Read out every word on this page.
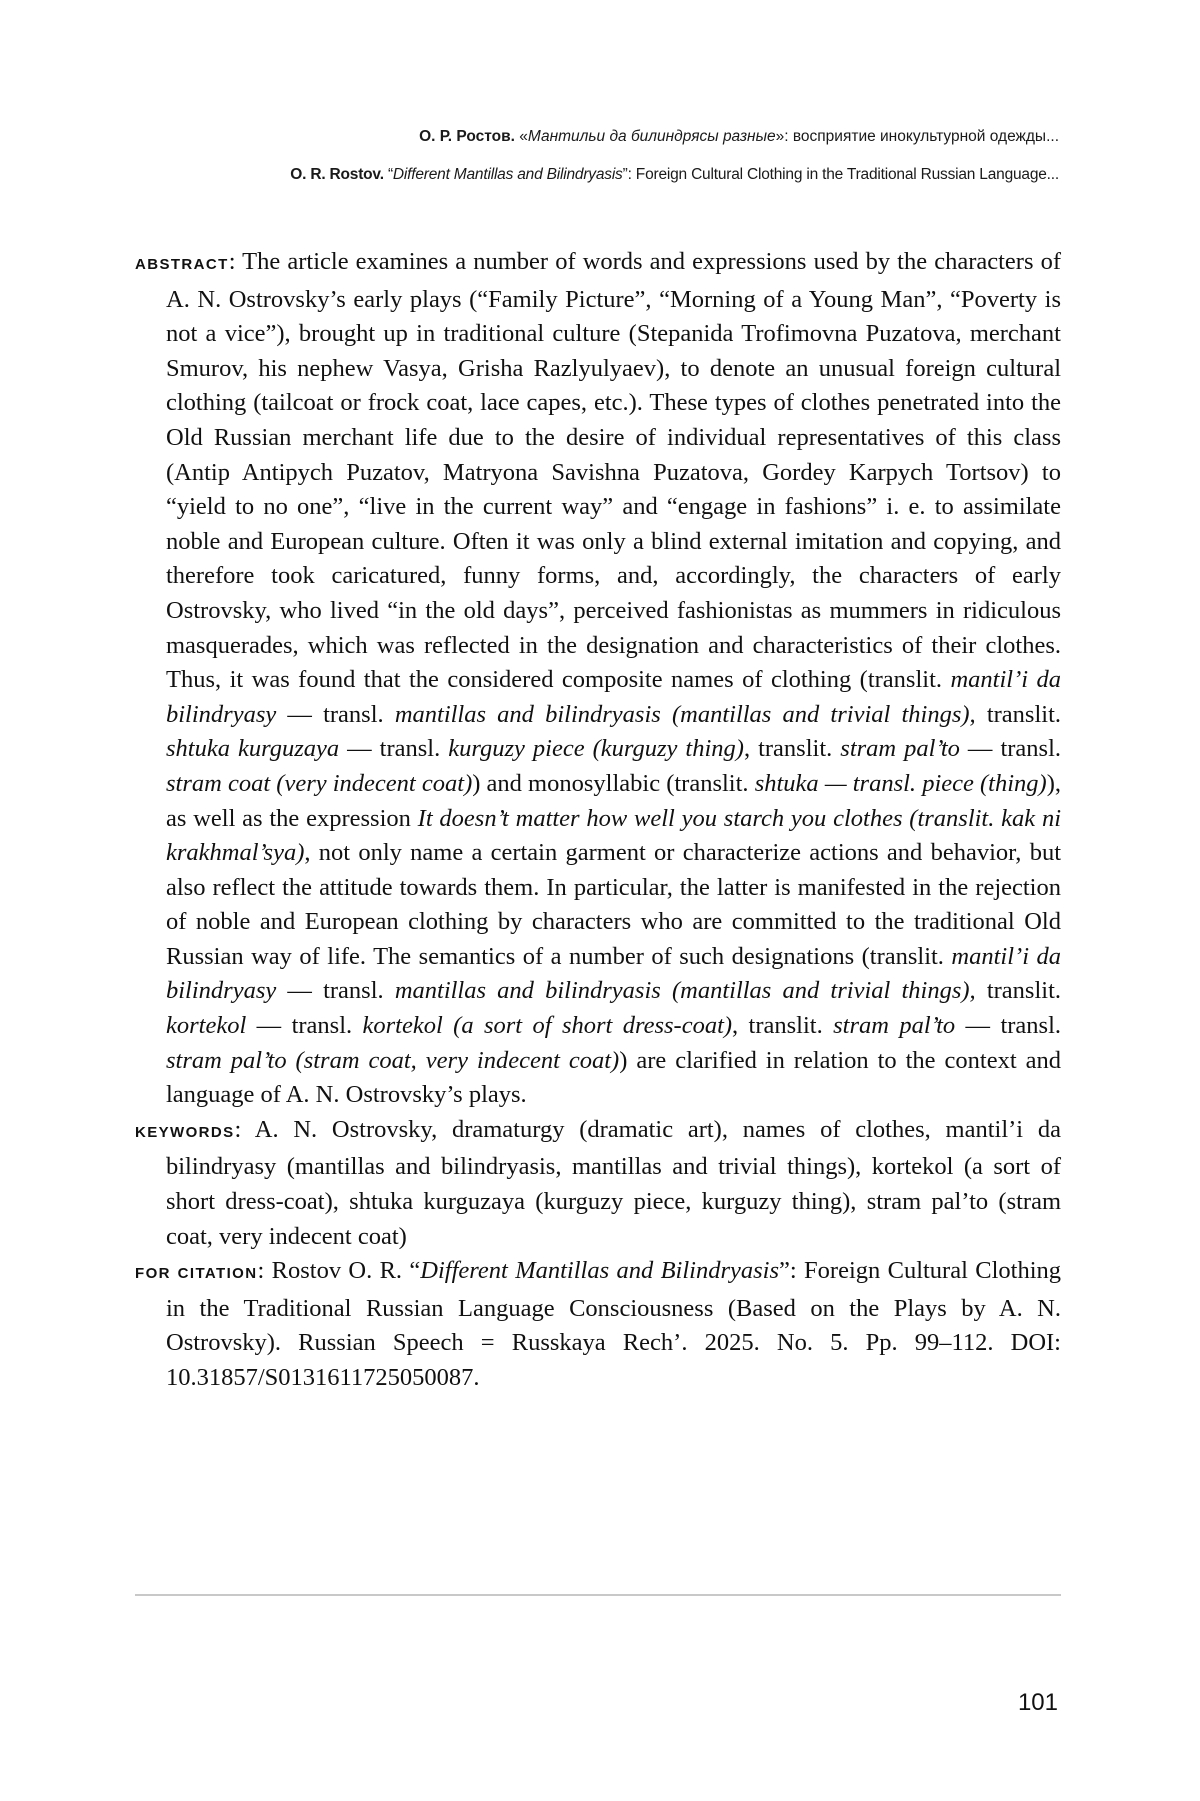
О. Р. Ростов. «Мантильи да билиндрясы разные»: восприятие инокультурной одежды...
O. R. Rostov. “Different Mantillas and Bilindryasis”: Foreign Cultural Clothing in the Traditional Russian Language...

ABSTRACT: The article examines a number of words and expressions used by the characters of A. N. Ostrovsky’s early plays (“Family Picture”, “Morning of a Young Man”, “Poverty is not a vice”), brought up in traditional culture (Stepanida Trofimovna Puzatova, merchant Smurov, his nephew Vasya, Grisha Razlyulyaev), to denote an unusual foreign cultural clothing (tailcoat or frock coat, lace capes, etc.). These types of clothes penetrated into the Old Russian merchant life due to the desire of individual representatives of this class (Antip Antipych Puzatov, Matryona Savishna Puzatova, Gordey Karpych Tortsov) to “yield to no one”, “live in the current way” and “engage in fashions” i. e. to assimilate noble and European culture. Often it was only a blind external imitation and copying, and therefore took caricatured, funny forms, and, accordingly, the characters of early Ostrovsky, who lived “in the old days”, perceived fashionistas as mummers in ridiculous masquerades, which was reflected in the designation and characteristics of their clothes. Thus, it was found that the considered composite names of clothing (translit. mantil’i da bilindryasy — transl. mantillas and bilindryasis (mantillas and trivial things), translit. shtuka kurguzaya — transl. kurguzy piece (kurguzy thing), translit. stram pal’to — transl. stram coat (very indecent coat)) and monosyllabic (translit. shtuka — transl. piece (thing)), as well as the expression It doesn’t matter how well you starch you clothes (translit. kak ni krakhmal’sya), not only name a certain garment or characterize actions and behavior, but also reflect the attitude towards them. In particular, the latter is manifested in the rejection of noble and European clothing by characters who are committed to the traditional Old Russian way of life. The semantics of a number of such designations (translit. mantil’i da bilindryasy — transl. mantillas and bilindryasis (mantillas and trivial things), translit. kortekol — transl. kortekol (a sort of short dress-coat), translit. stram pal’to — transl. stram pal’to (stram coat, very indecent coat)) are clarified in relation to the context and language of A. N. Ostrovsky’s plays.

KEYWORDS: A. N. Ostrovsky, dramaturgy (dramatic art), names of clothes, mantil’i da bilindryasy (mantillas and bilindryasis, mantillas and trivial things), kortekol (a sort of short dress-coat), shtuka kurguzaya (kurguzy piece, kurguzy thing), stram pal’to (stram coat, very indecent coat)

FOR CITATION: Rostov O. R. “Different Mantillas and Bilindryasis”: Foreign Cultural Clothing in the Traditional Russian Language Consciousness (Based on the Plays by A. N. Ostrovsky). Russian Speech = Russkaya Rech’. 2025. No. 5. Pp. 99–112. DOI: 10.31857/S0131611725050087.

101
